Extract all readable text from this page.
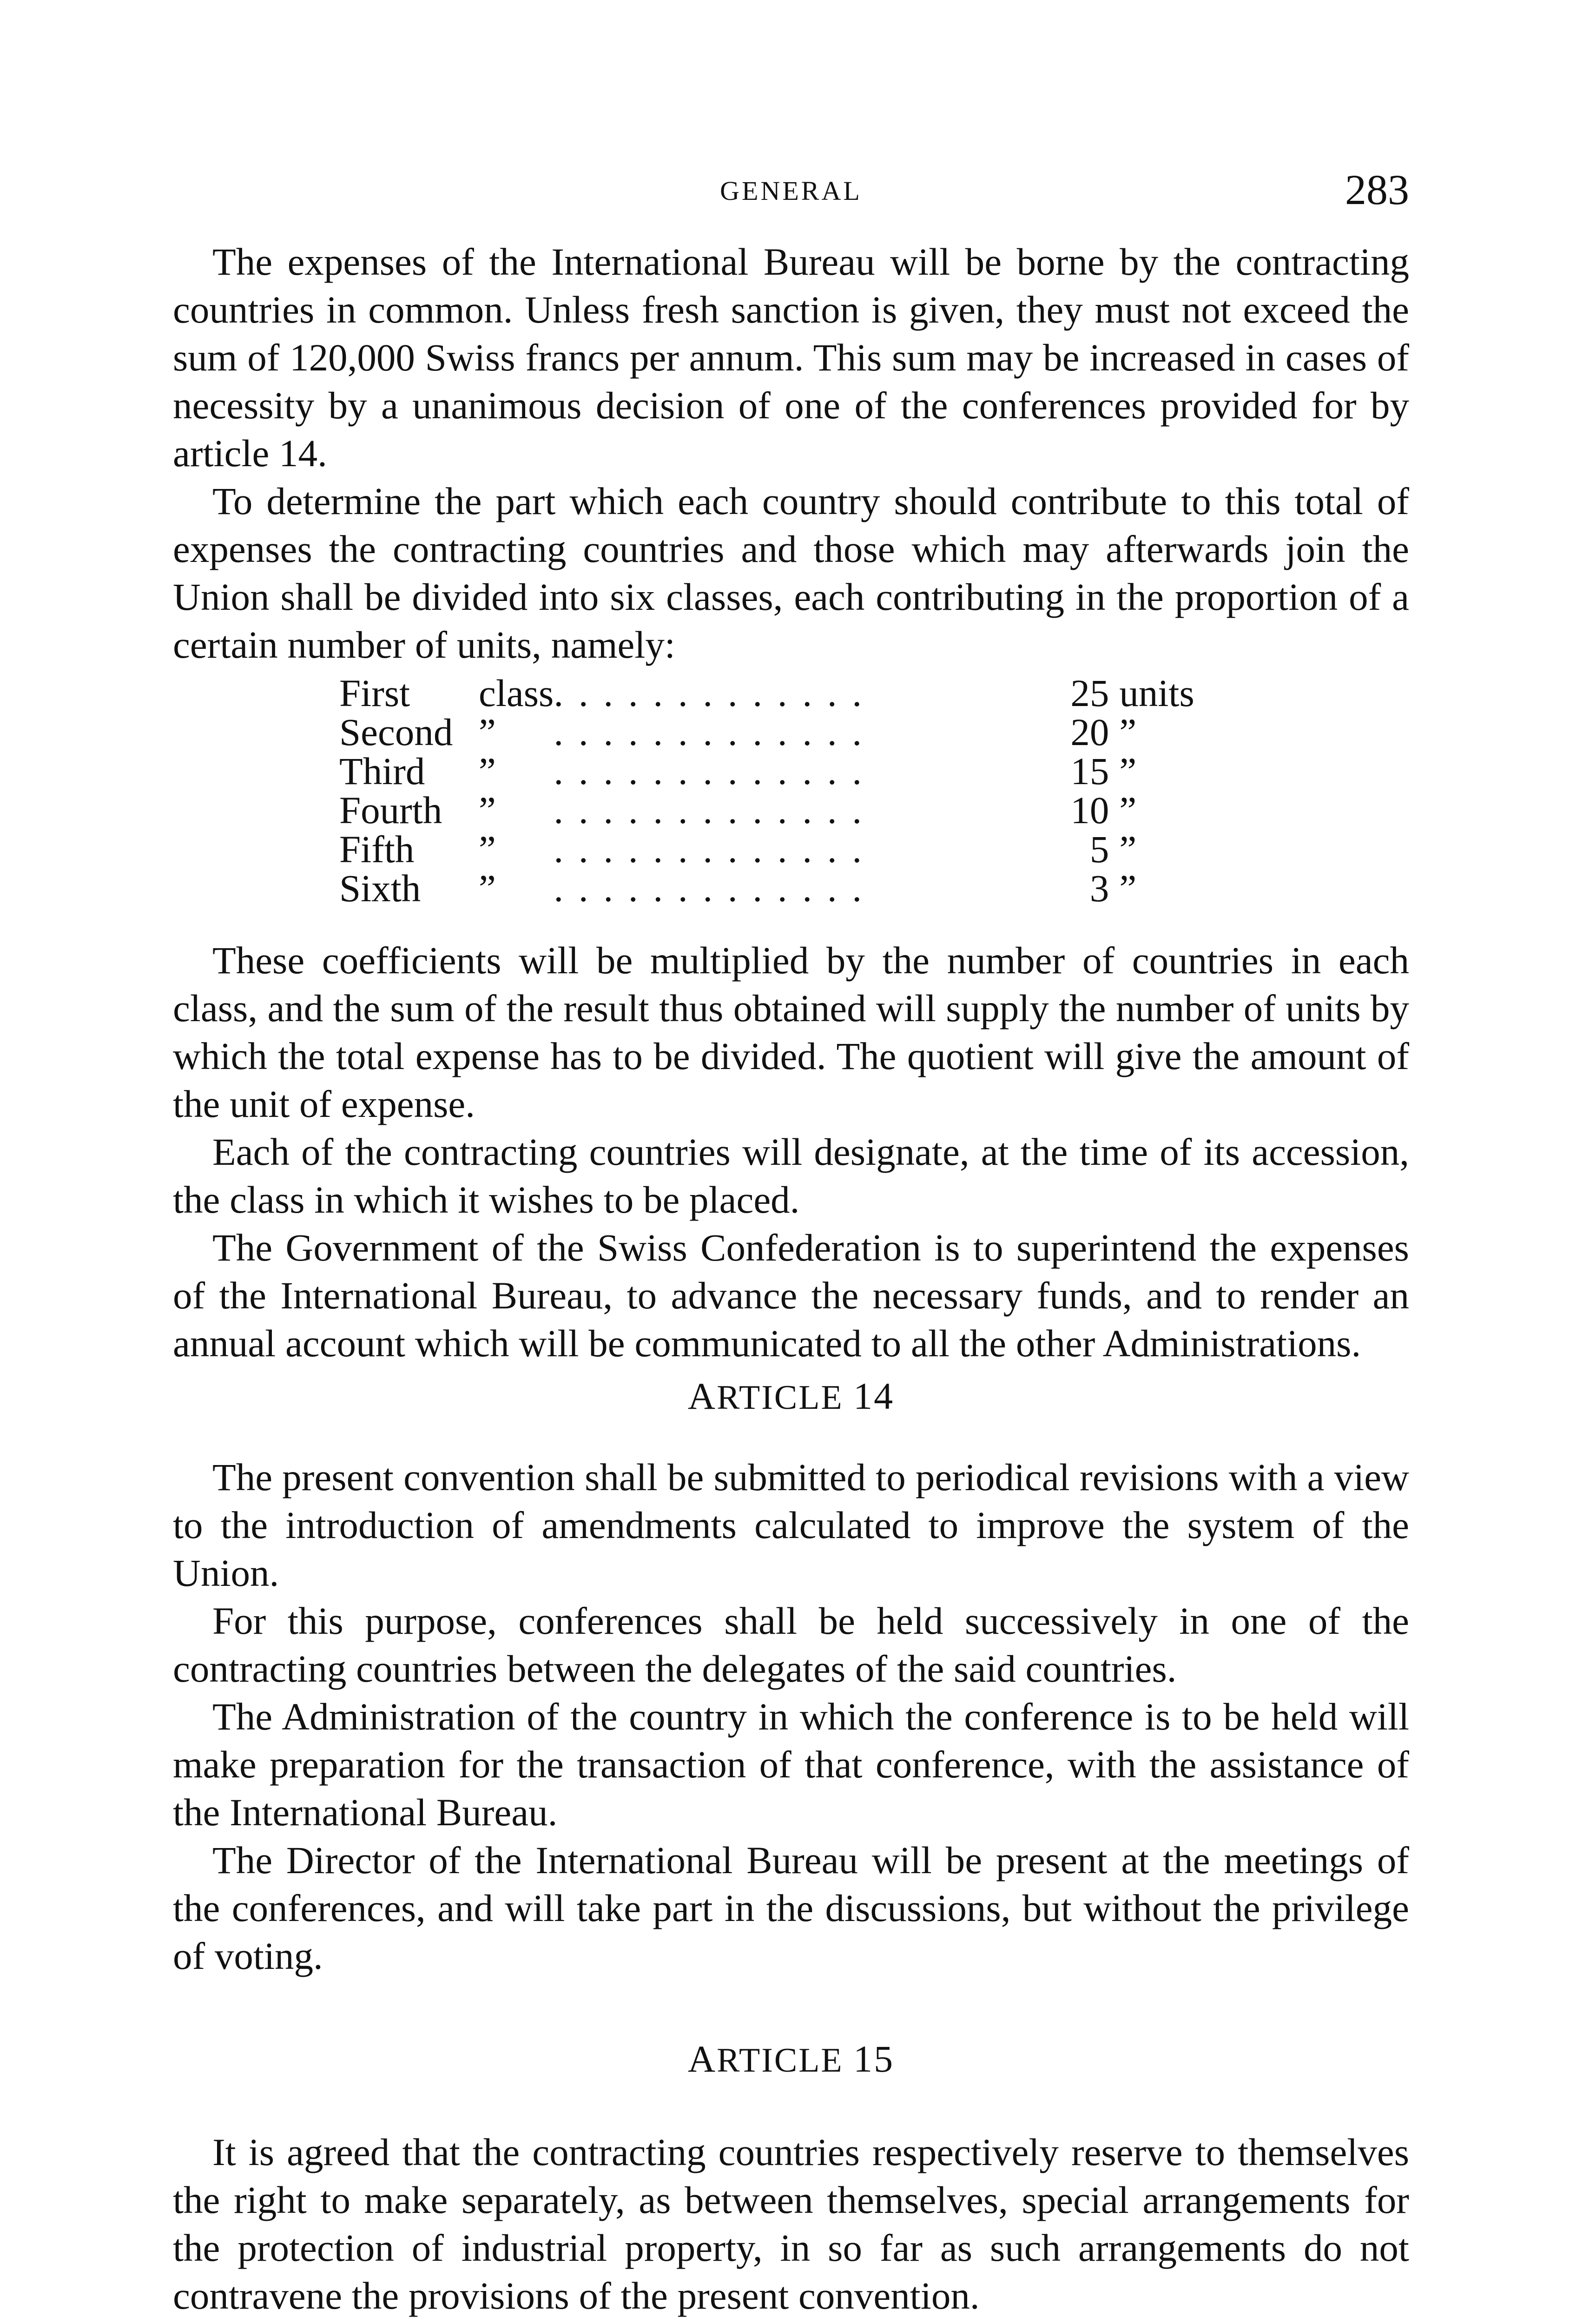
GENERAL	283

The expenses of the International Bureau will be borne by the contracting countries in common. Unless fresh sanction is given, they must not exceed the sum of 120,000 Swiss francs per annum. This sum may be increased in cases of necessity by a unanimous decision of one of the conferences provided for by article 14.

To determine the part which each country should contribute to this total of expenses the contracting countries and those which may afterwards join the Union shall be divided into six classes, each contributing in the proportion of a certain number of units, namely:

First	class	. . . . . . . . . . . . .	25	units
Second	”	. . . . . . . . . . . . .	20	”
Third	”	. . . . . . . . . . . . .	15	”
Fourth	”	. . . . . . . . . . . . .	10	”
Fifth	”	. . . . . . . . . . . . .	5	”
Sixth	”	. . . . . . . . . . . . .	3	”

These coefficients will be multiplied by the number of countries in each class, and the sum of the result thus obtained will supply the number of units by which the total expense has to be divided. The quotient will give the amount of the unit of expense.

Each of the contracting countries will designate, at the time of its accession, the class in which it wishes to be placed.

The Government of the Swiss Confederation is to superintend the expenses of the International Bureau, to advance the necessary funds, and to render an annual account which will be communicated to all the other Administrations.

ARTICLE 14

The present convention shall be submitted to periodical revisions with a view to the introduction of amendments calculated to improve the system of the Union.

For this purpose, conferences shall be held successively in one of the contracting countries between the delegates of the said countries.

The Administration of the country in which the conference is to be held will make preparation for the transaction of that conference, with the assistance of the International Bureau.

The Director of the International Bureau will be present at the meetings of the conferences, and will take part in the discussions, but without the privilege of voting.

ARTICLE 15

It is agreed that the contracting countries respectively reserve to themselves the right to make separately, as between themselves, special arrangements for the protection of industrial property, in so far as such arrangements do not contravene the provisions of the present convention.
